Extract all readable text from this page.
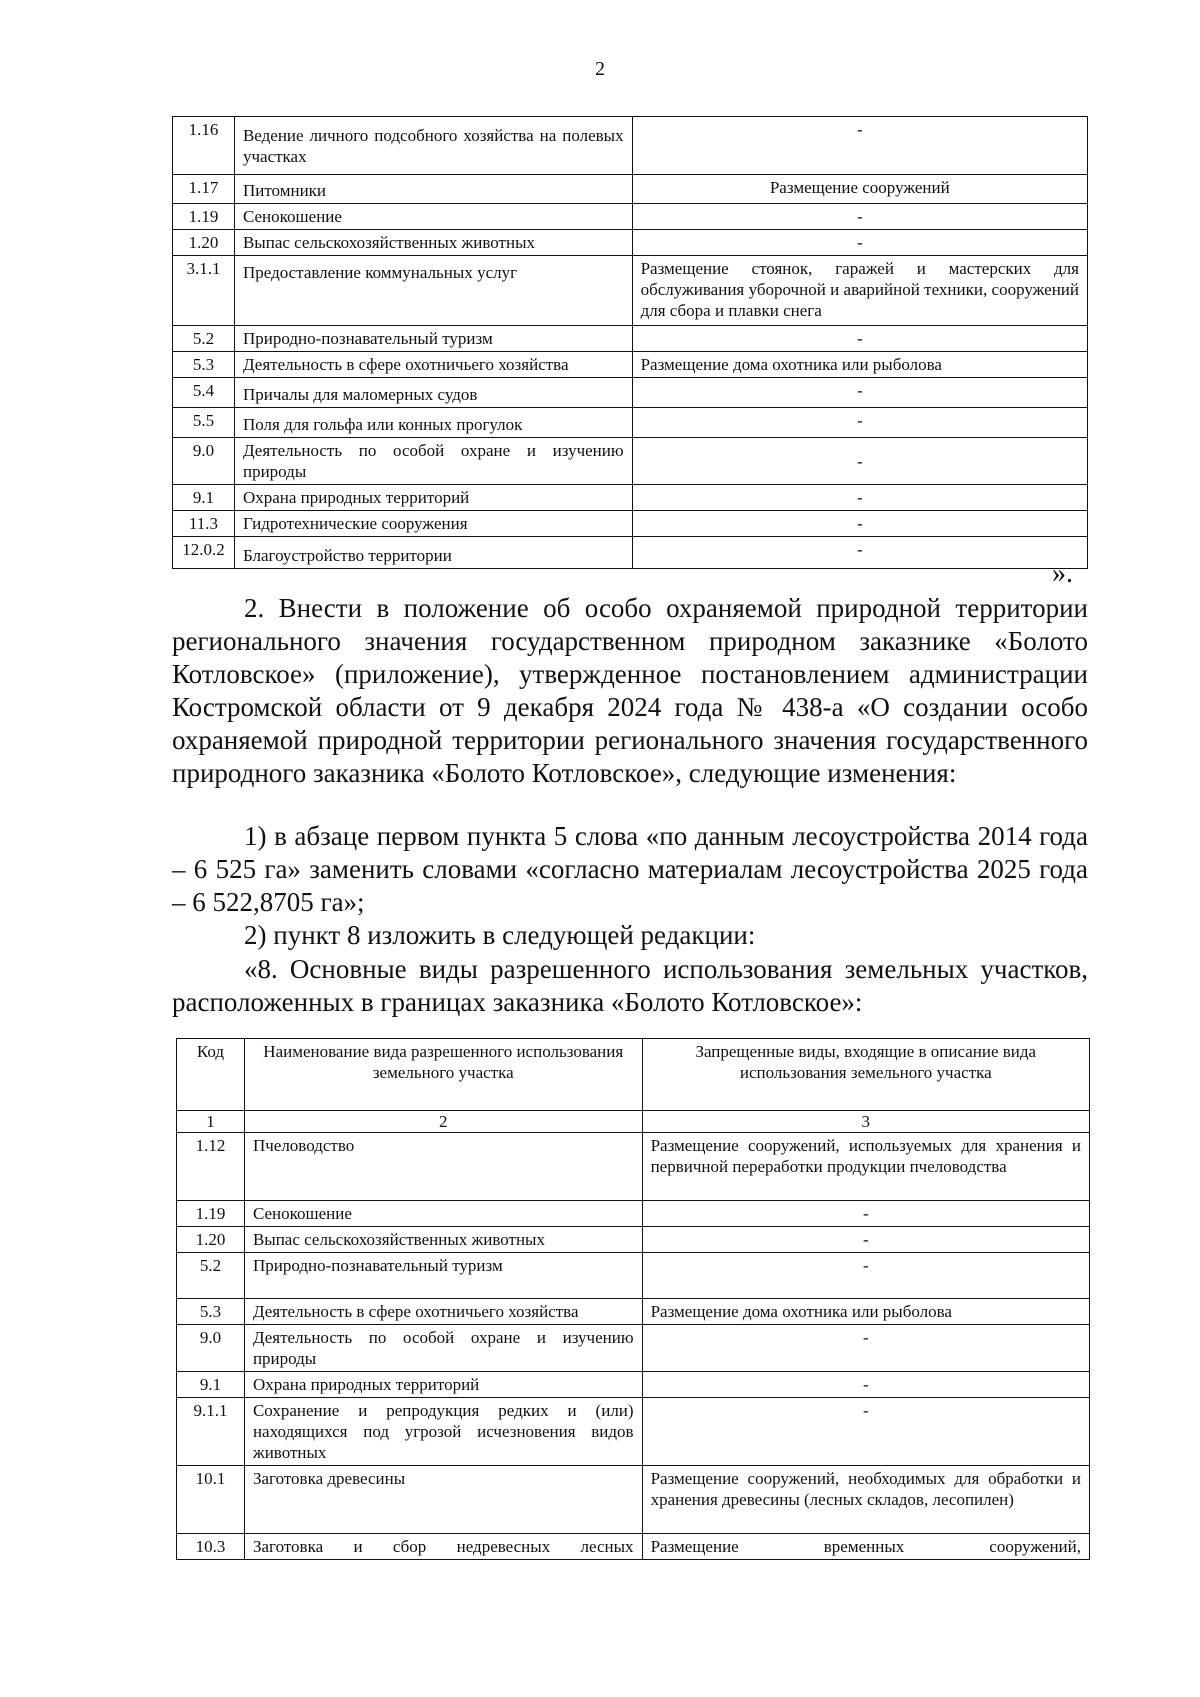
2
1.16	Ведение личного подсобного хозяйства на полевых участках	-
1.17	Питомники	Размещение сооружений
1.19	Сенокошение	-
1.20	Выпас сельскохозяйственных животных	-
3.1.1	Предоставление коммунальных услуг	Размещение стоянок, гаражей и мастерских для обслуживания уборочной и аварийной техники, сооружений для сбора и плавки снега
5.2	Природно-познавательный туризм	-
5.3	Деятельность в сфере охотничьего хозяйства	Размещение дома охотника или рыболова
5.4	Причалы для маломерных судов	-
5.5	Поля для гольфа или конных прогулок	-
9.0	Деятельность по особой охране и изучению природы	-
9.1	Охрана природных территорий	-
11.3	Гидротехнические сооружения	-
12.0.2	Благоустройство территории	-
».

2. Внести в положение об особо охраняемой природной территории регионального значения государственном природном заказнике «Болото Котловское» (приложение), утвержденное постановлением администрации Костромской области от 9 декабря 2024 года № 438-а «О создании особо охраняемой природной территории регионального значения государственного природного заказника «Болото Котловское», следующие изменения:

1) в абзаце первом пункта 5 слова «по данным лесоустройства 2014 года – 6 525 га» заменить словами «согласно материалам лесоустройства 2025 года – 6 522,8705 га»;

2) пункт 8 изложить в следующей редакции:

«8. Основные виды разрешенного использования земельных участков, расположенных в границах заказника «Болото Котловское»:

Код	Наименование вида разрешенного использования земельного участка	Запрещенные виды, входящие в описание вида использования земельного участка
1	2	3
1.12	Пчеловодство	Размещение сооружений, используемых для хранения и первичной переработки продукции пчеловодства
1.19	Сенокошение	-
1.20	Выпас сельскохозяйственных животных	-
5.2	Природно-познавательный туризм	-
5.3	Деятельность в сфере охотничьего хозяйства	Размещение дома охотника или рыболова
9.0	Деятельность по особой охране и изучению природы	-
9.1	Охрана природных территорий	-
9.1.1	Сохранение и репродукция редких и (или) находящихся под угрозой исчезновения видов животных	-
10.1	Заготовка древесины	Размещение сооружений, необходимых для обработки и хранения древесины (лесных складов, лесопилен)
10.3	Заготовка и сбор недревесных лесных	Размещение временных сооружений,
